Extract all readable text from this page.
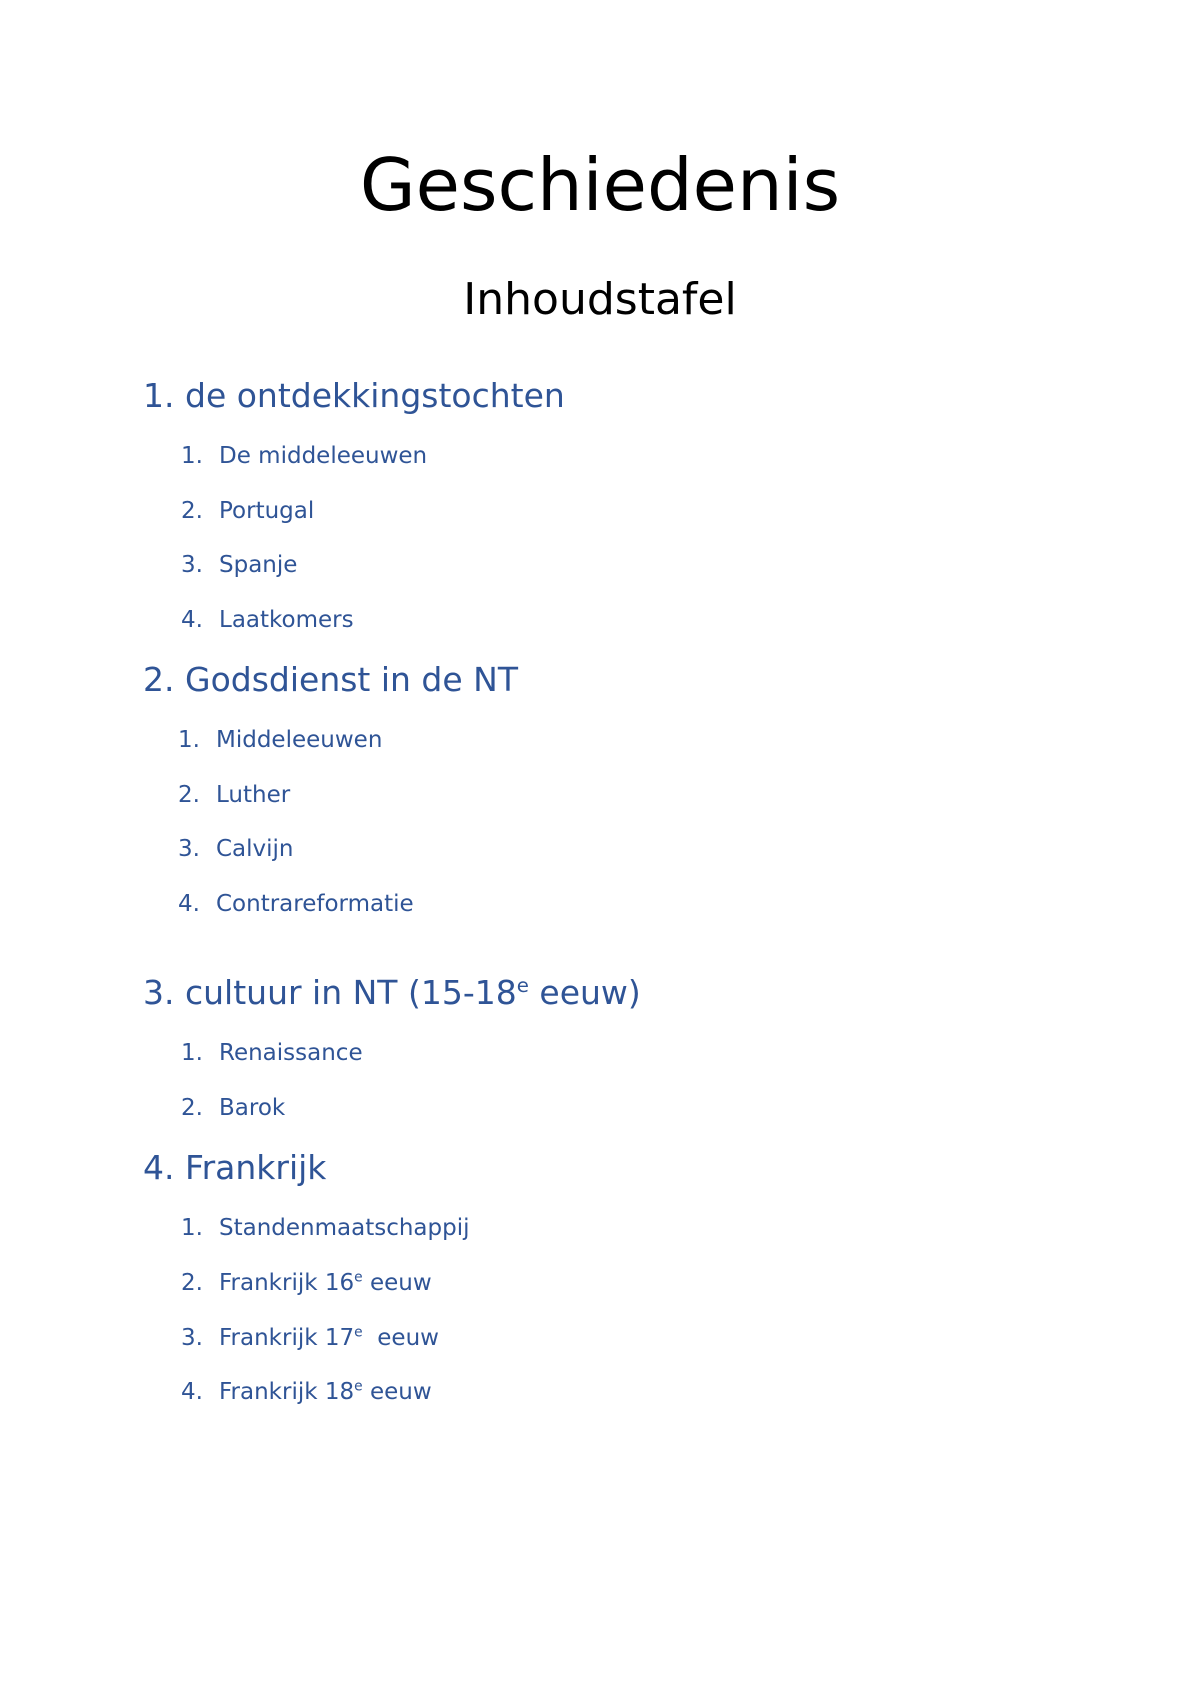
Geschiedenis
Inhoudstafel
1. de ontdekkingstochten
1. De middeleeuwen
2. Portugal
3. Spanje
4. Laatkomers
2. Godsdienst in de NT
1. Middeleeuwen
2. Luther
3. Calvijn
4. Contrareformatie
3. cultuur in NT (15-18e eeuw)
1. Renaissance
2. Barok
4. Frankrijk
1. Standenmaatschappij
2. Frankrijk 16e eeuw
3. Frankrijk 17e  eeuw
4. Frankrijk 18e eeuw
